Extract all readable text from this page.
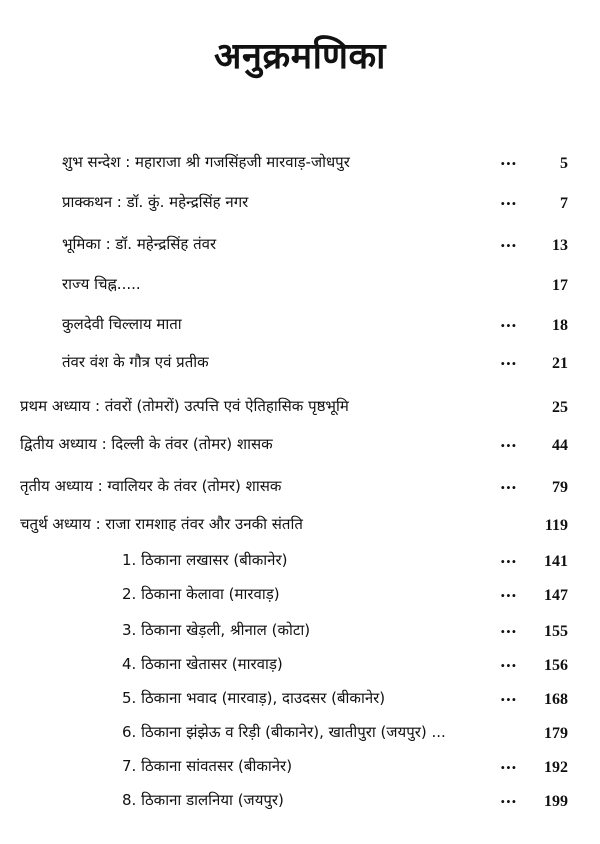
अनुक्रमणिका
शुभ सन्देश : महाराजा श्री गजसिंहजी मारवाड़-जोधपुर	...	5
प्राक्कथन : डॉ. कुं. महेन्द्रसिंह नगर	...	7
भूमिका : डॉ. महेन्द्रसिंह तंवर	... 13
राज्य चिह्न.....	17
कुलदेवी चिल्लाय माता	... 18
तंवर वंश के गौत्र एवं प्रतीक	... 21
प्रथम अध्याय : तंवरों (तोमरों) उत्पत्ति एवं ऐतिहासिक पृष्ठभूमि	25
द्वितीय अध्याय : दिल्ली के तंवर (तोमर) शासक	... 44
तृतीय अध्याय : ग्वालियर के तंवर (तोमर) शासक	... 79
चतुर्थ अध्याय : राजा रामशाह तंवर और उनकी संतति	119
1. ठिकाना लखासर (बीकानेर)	... 141
2. ठिकाना केलावा (मारवाड़)	... 147
3. ठिकाना खेड़ली, श्रीनाल (कोटा)	... 155
4. ठिकाना खेतासर (मारवाड़)	... 156
5. ठिकाना भवाद (मारवाड़), दाउदसर (बीकानेर)	... 168
6. ठिकाना झंझेऊ व रिड़ी (बीकानेर), खातीपुरा (जयपुर) ...	179
7. ठिकाना सांवतसर (बीकानेर)	... 192
8. ठिकाना डालनिया (जयपुर)	... 199
